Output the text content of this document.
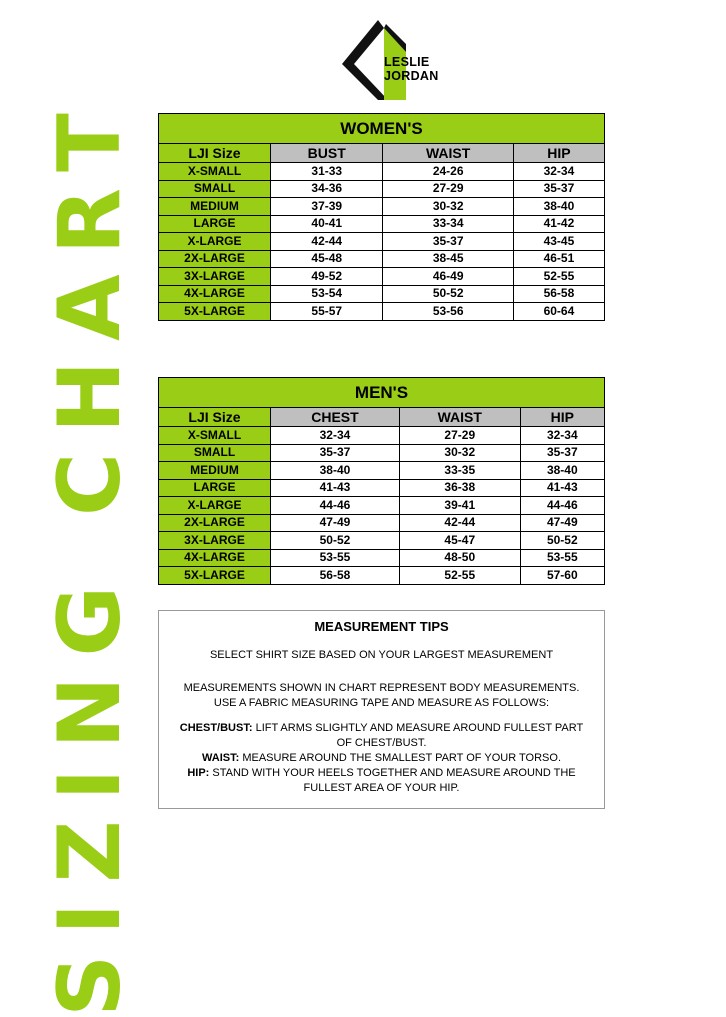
LESLIE
JORDAN
SIZING CHART	WOMEN'S			
LJI Size	BUST	WAIST	HIP
X-SMALL	31-33	24-26	32-34
SMALL	34-36	27-29	35-37
MEDIUM	37-39	30-32	38-40
LARGE	40-41	33-34	41-42
X-LARGE	42-44	35-37	43-45
2X-LARGE	45-48	38-45	46-51
3X-LARGE	49-52	46-49	52-55
4X-LARGE	53-54	50-52	56-58
5X-LARGE	55-57	53-56	60-64
MEN'S			
LJI Size	CHEST	WAIST	HIP
X-SMALL	32-34	27-29	32-34
SMALL	35-37	30-32	35-37
MEDIUM	38-40	33-35	38-40
LARGE	41-43	36-38	41-43
X-LARGE	44-46	39-41	44-46
2X-LARGE	47-49	42-44	47-49
3X-LARGE	50-52	45-47	50-52
4X-LARGE	53-55	48-50	53-55
5X-LARGE	56-58	52-55	57-60
MEASUREMENT TIPS

SELECT SHIRT SIZE BASED ON YOUR LARGEST MEASUREMENT

MEASUREMENTS SHOWN IN CHART REPRESENT BODY MEASUREMENTS. USE A FABRIC MEASURING TAPE AND MEASURE AS FOLLOWS:

CHEST/BUST: LIFT ARMS SLIGHTLY AND MEASURE AROUND FULLEST PART OF CHEST/BUST.

WAIST: MEASURE AROUND THE SMALLEST PART OF YOUR TORSO.

HIP: STAND WITH YOUR HEELS TOGETHER AND MEASURE AROUND THE FULLEST AREA OF YOUR HIP.
